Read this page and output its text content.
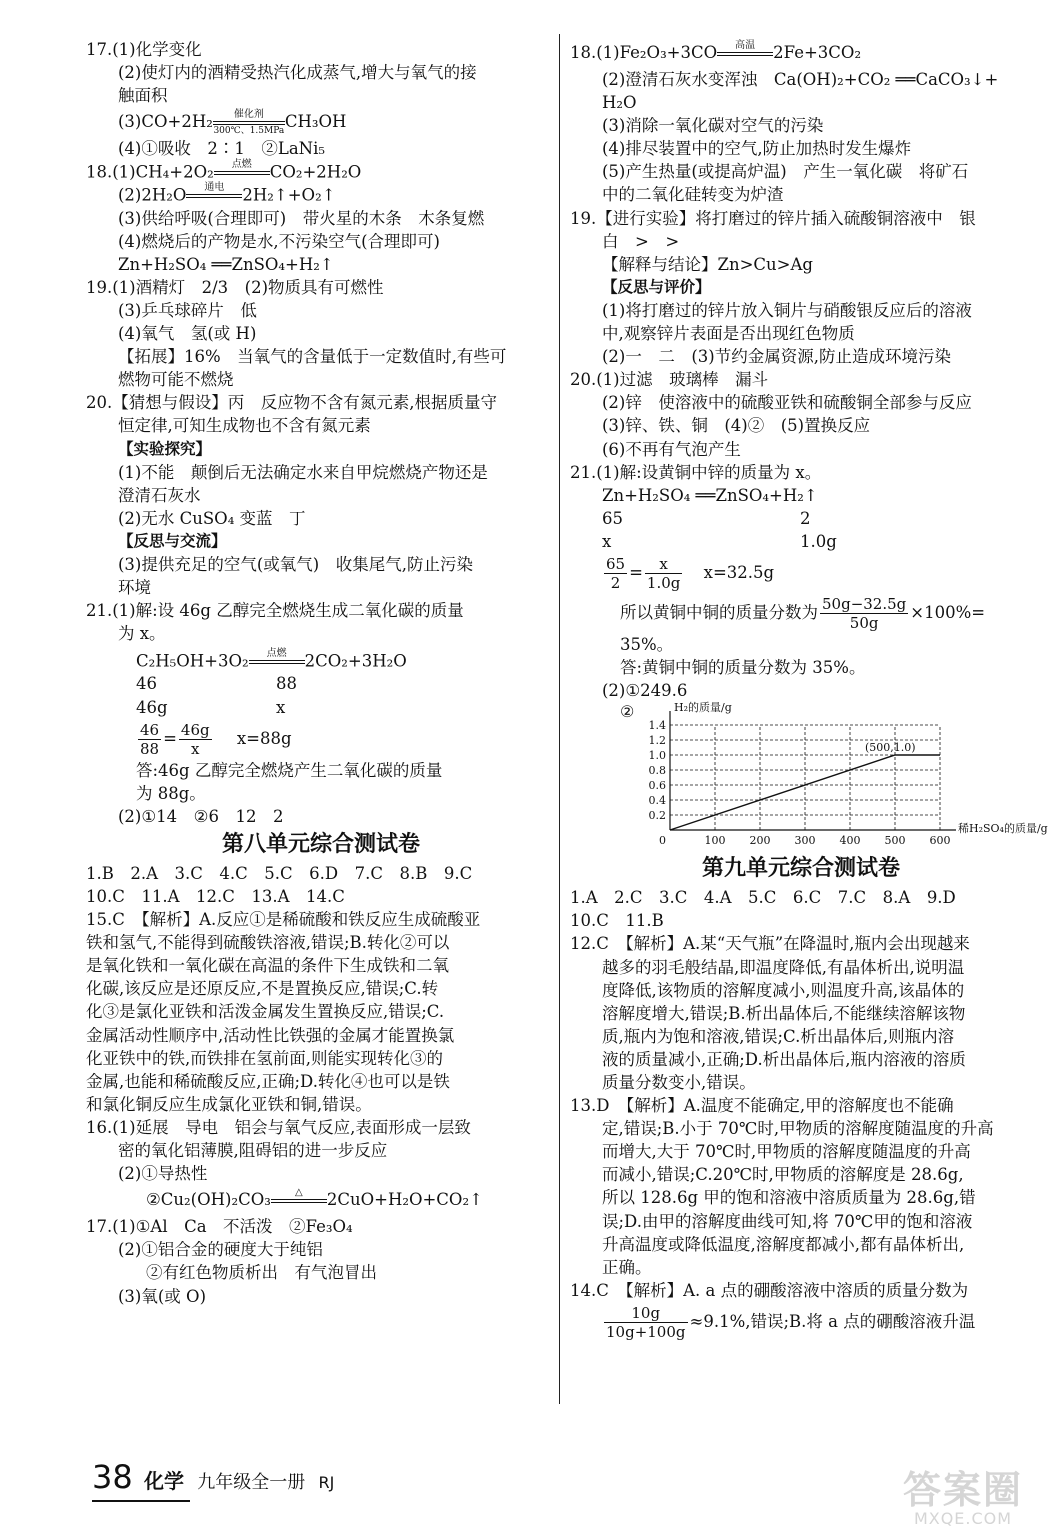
17.(1)化学变化
(2)使灯内的酒精受热汽化成蒸气,增大与氧气的接
触面积
(3)CO+2H₂	催化剂
300℃、1.5MPa CH₃OH
(4)①吸收　2∶1　②LaNi₅
18.(1)CH₄+2O₂	点燃	CO₂+2H₂O
(2)2H₂O	通电	2H₂↑+O₂↑
(3)供给呼吸(合理即可)　带火星的木条　木条复燃
(4)燃烧后的产物是水,不污染空气(合理即可)
Zn+H₂SO₄ ══ZnSO₄+H₂↑
19.(1)酒精灯　2/3　(2)物质具有可燃性
(3)乒乓球碎片　低
(4)氧气　氢(或 H)
【拓展】16%　当氧气的含量低于一定数值时,有些可
燃物可能不燃烧
20.【猜想与假设】丙　反应物不含有氮元素,根据质量守
恒定律,可知生成物也不含有氮元素
【实验探究】
(1)不能　颠倒后无法确定水来自甲烷燃烧产物还是
澄清石灰水
(2)无水 CuSO₄ 变蓝　丁
【反思与交流】
(3)提供充足的空气(或氧气)　收集尾气,防止污染
环境
21.(1)解:设 46g 乙醇完全燃烧生成二氧化碳的质量
为 x。
C₂H₅OH+3O₂	点燃	2CO₂+3H₂O
46	88
46g	x
$\frac{46}{88} = \frac{46g}{x} x=88g$
答:46g 乙醇完全燃烧产生二氧化碳的质量
为 88g。
(2)①14　②6　12　2
第八单元综合测试卷
1.B　2.A　3.C　4.C　5.C　6.D　7.C　8.B　9.C
10.C　11.A　12.C　13.A　14.C
15.C　【解析】A.反应①是稀硫酸和铁反应生成硫酸亚
铁和氢气,不能得到硫酸铁溶液,错误;B.转化②可以
是氧化铁和一氧化碳在高温的条件下生成铁和二氧
化碳,该反应是还原反应,不是置换反应,错误;C.转
化③是氯化亚铁和活泼金属发生置换反应,错误;C.
金属活动性顺序中,活动性比铁强的金属才能置换氯
化亚铁中的铁,而铁排在氢前面,则能实现转化③的
金属,也能和稀硫酸反应,正确;D.转化④也可以是铁
和氯化铜反应生成氯化亚铁和铜,错误。
16.(1)延展　导电　铝会与氧气反应,表面形成一层致
密的氧化铝薄膜,阻碍铝的进一步反应
(2)①导热性
②Cu₂(OH)₂CO₃	△	2CuO+H₂O+CO₂↑
17.(1)①Al　Ca　不活泼　②Fe₃O₄
(2)①铝合金的硬度大于纯铝
②有红色物质析出　有气泡冒出
(3)氧(或 O)
18.(1)Fe₂O₃+3CO	高温	2Fe+3CO₂
(2)澄清石灰水变浑浊　Ca(OH)₂+CO₂ ══CaCO₃↓+
H₂O
(3)消除一氧化碳对空气的污染
(4)排尽装置中的空气,防止加热时发生爆炸
(5)产生热量(或提高炉温)　产生一氧化碳　将矿石
中的二氧化硅转变为炉渣
19.【进行实验】将打磨过的锌片插入硫酸铜溶液中　银
白　>　>
【解释与结论】Zn>Cu>Ag
【反思与评价】
(1)将打磨过的锌片放入铜片与硝酸银反应后的溶液
中,观察锌片表面是否出现红色物质
(2)一　二　(3)节约金属资源,防止造成环境污染
20.(1)过滤　玻璃棒　漏斗
(2)锌　使溶液中的硫酸亚铁和硫酸铜全部参与反应
(3)锌、铁、铜　(4)②　(5)置换反应
(6)不再有气泡产生
21.(1)解:设黄铜中锌的质量为 x。
Zn+H₂SO₄ ══ZnSO₄+H₂↑
65	2
x	1.0g
$\frac{65}{2} = \frac{x}{1.0g} x=32.5g$
所以黄铜中铜的质量分数为 $\frac{50g-32.5g}{50g} \times 100\%=$
35%。
答:黄铜中铜的质量分数为 35%。
(2)①249.6
②
0.2
0.4
0.6
0.8
1.0
1.2
1.4
100 200 300 400 500 600
0
H₂的质量/g
稀H₂SO₄的质量/g
(500,1.0)
第九单元综合测试卷
1.A　2.C　3.C　4.A　5.C　6.C　7.C　8.A　9.D
10.C　11.B
12.C　【解析】A.某“天气瓶”在降温时,瓶内会出现越来
越多的羽毛般结晶,即温度降低,有晶体析出,说明温
度降低,该物质的溶解度减小,则温度升高,该晶体的
溶解度增大,错误;B.析出晶体后,不能继续溶解该物
质,瓶内为饱和溶液,错误;C.析出晶体后,则瓶内溶
液的质量减小,正确;D.析出晶体后,瓶内溶液的溶质
质量分数变小,错误。
13.D　【解析】A.温度不能确定,甲的溶解度也不能确
定,错误;B.小于 70℃时,甲物质的溶解度随温度的升高
而增大,大于 70℃时,甲物质的溶解度随温度的升高
而减小,错误;C.20℃时,甲物质的溶解度是 28.6g,
所以 128.6g 甲的饱和溶液中溶质质量为 28.6g,错
误;D.由甲的溶解度曲线可知,将 70℃甲的饱和溶液
升高温度或降低温度,溶解度都减小,都有晶体析出,
正确。
14.C　【解析】A. a 点的硼酸溶液中溶质的质量分数为
$\frac{10g}{10g+100g} \approx 9.1\%$,错误;B.将 a 点的硼酸溶液升温
38 化学 九年级全一册 RJ	答案圈
MXQE.COM
